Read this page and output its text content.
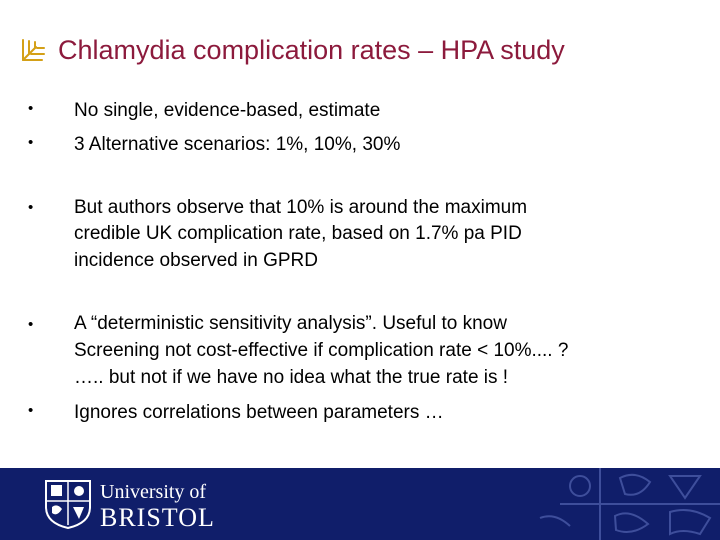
Chlamydia complication rates – HPA study
• No single, evidence-based, estimate
• 3 Alternative scenarios: 1%, 10%, 30%
• But authors observe that 10% is around the maximum
credible UK complication rate, based on 1.7% pa PID
incidence observed in GPRD
• A “deterministic sensitivity analysis”. Useful to know
Screening not cost-effective if complication rate < 10%.... ?
….. but not if we have no idea what the true rate is !
• Ignores correlations between parameters …
University of
BRISTOL
